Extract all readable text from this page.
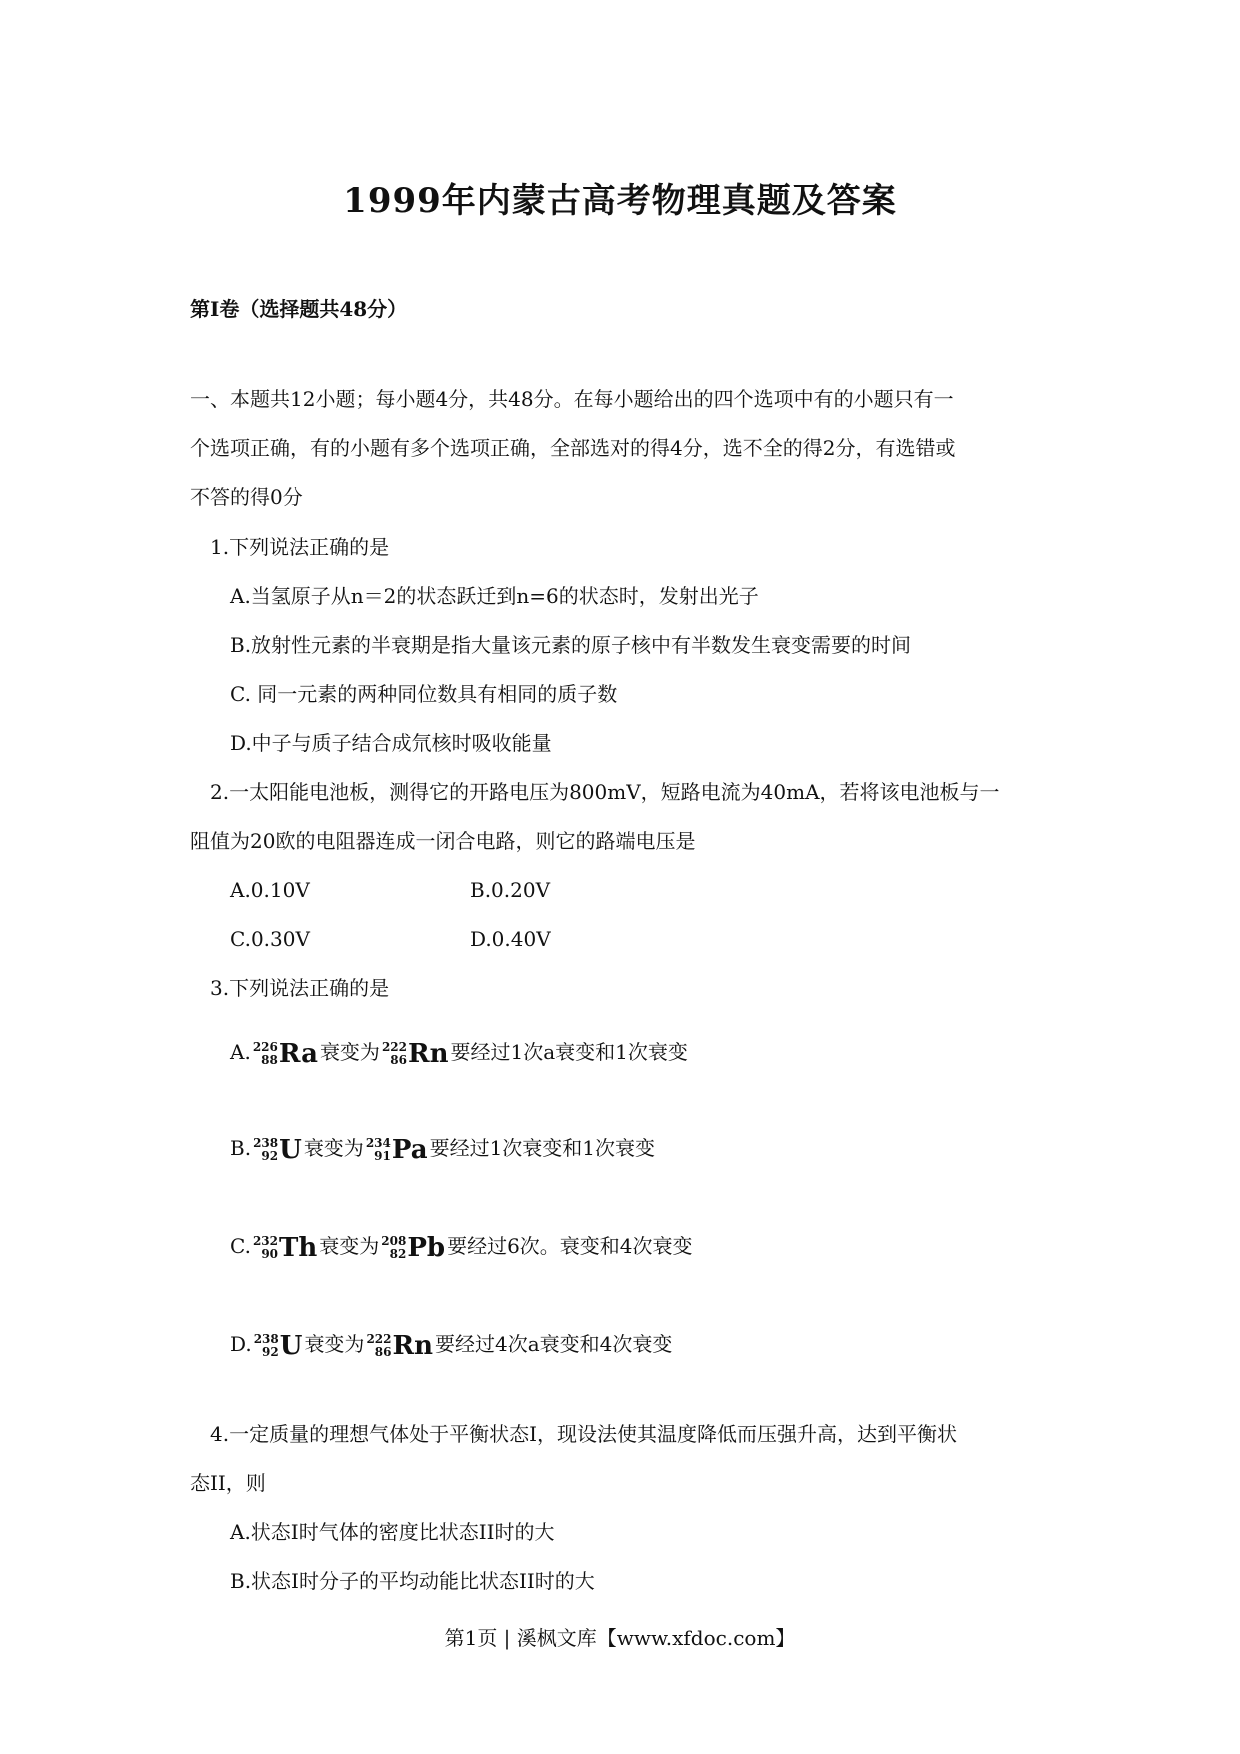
1999年内蒙古高考物理真题及答案
第I卷（选择题共48分）
一、本题共12小题；每小题4分，共48分。在每小题给出的四个选项中有的小题只有一
个选项正确，有的小题有多个选项正确，全部选对的得4分，选不全的得2分，有选错或
不答的得0分
1.下列说法正确的是
A.当氢原子从n＝2的状态跃迁到n=6的状态时，发射出光子
B.放射性元素的半衰期是指大量该元素的原子核中有半数发生衰变需要的时间
C. 同一元素的两种同位数具有相同的质子数
D.中子与质子结合成氘核时吸收能量
2.一太阳能电池板，测得它的开路电压为800mV，短路电流为40mA，若将该电池板与一
阻值为20欧的电阻器连成一闭合电路，则它的路端电压是
A.0.10V	B.0.20V
C.0.30V	D.0.40V
3.下列说法正确的是
A. 226
88 Ra 衰变为 222
86 Rn 要经过1次a衰变和1次衰变
B. 238
92 U 衰变为 234
91 Pa 要经过1次衰变和1次衰变
C. 232
90 Th 衰变为 208
82 Pb 要经过6次。衰变和4次衰变
D. 238
92 U 衰变为 222
86 Rn 要经过4次a衰变和4次衰变
4.一定质量的理想气体处于平衡状态I，现设法使其温度降低而压强升高，达到平衡状
态II，则
A.状态I时气体的密度比状态II时的大
B.状态I时分子的平均动能比状态II时的大
第1页 | 溪枫文库【www.xfdoc.com】
